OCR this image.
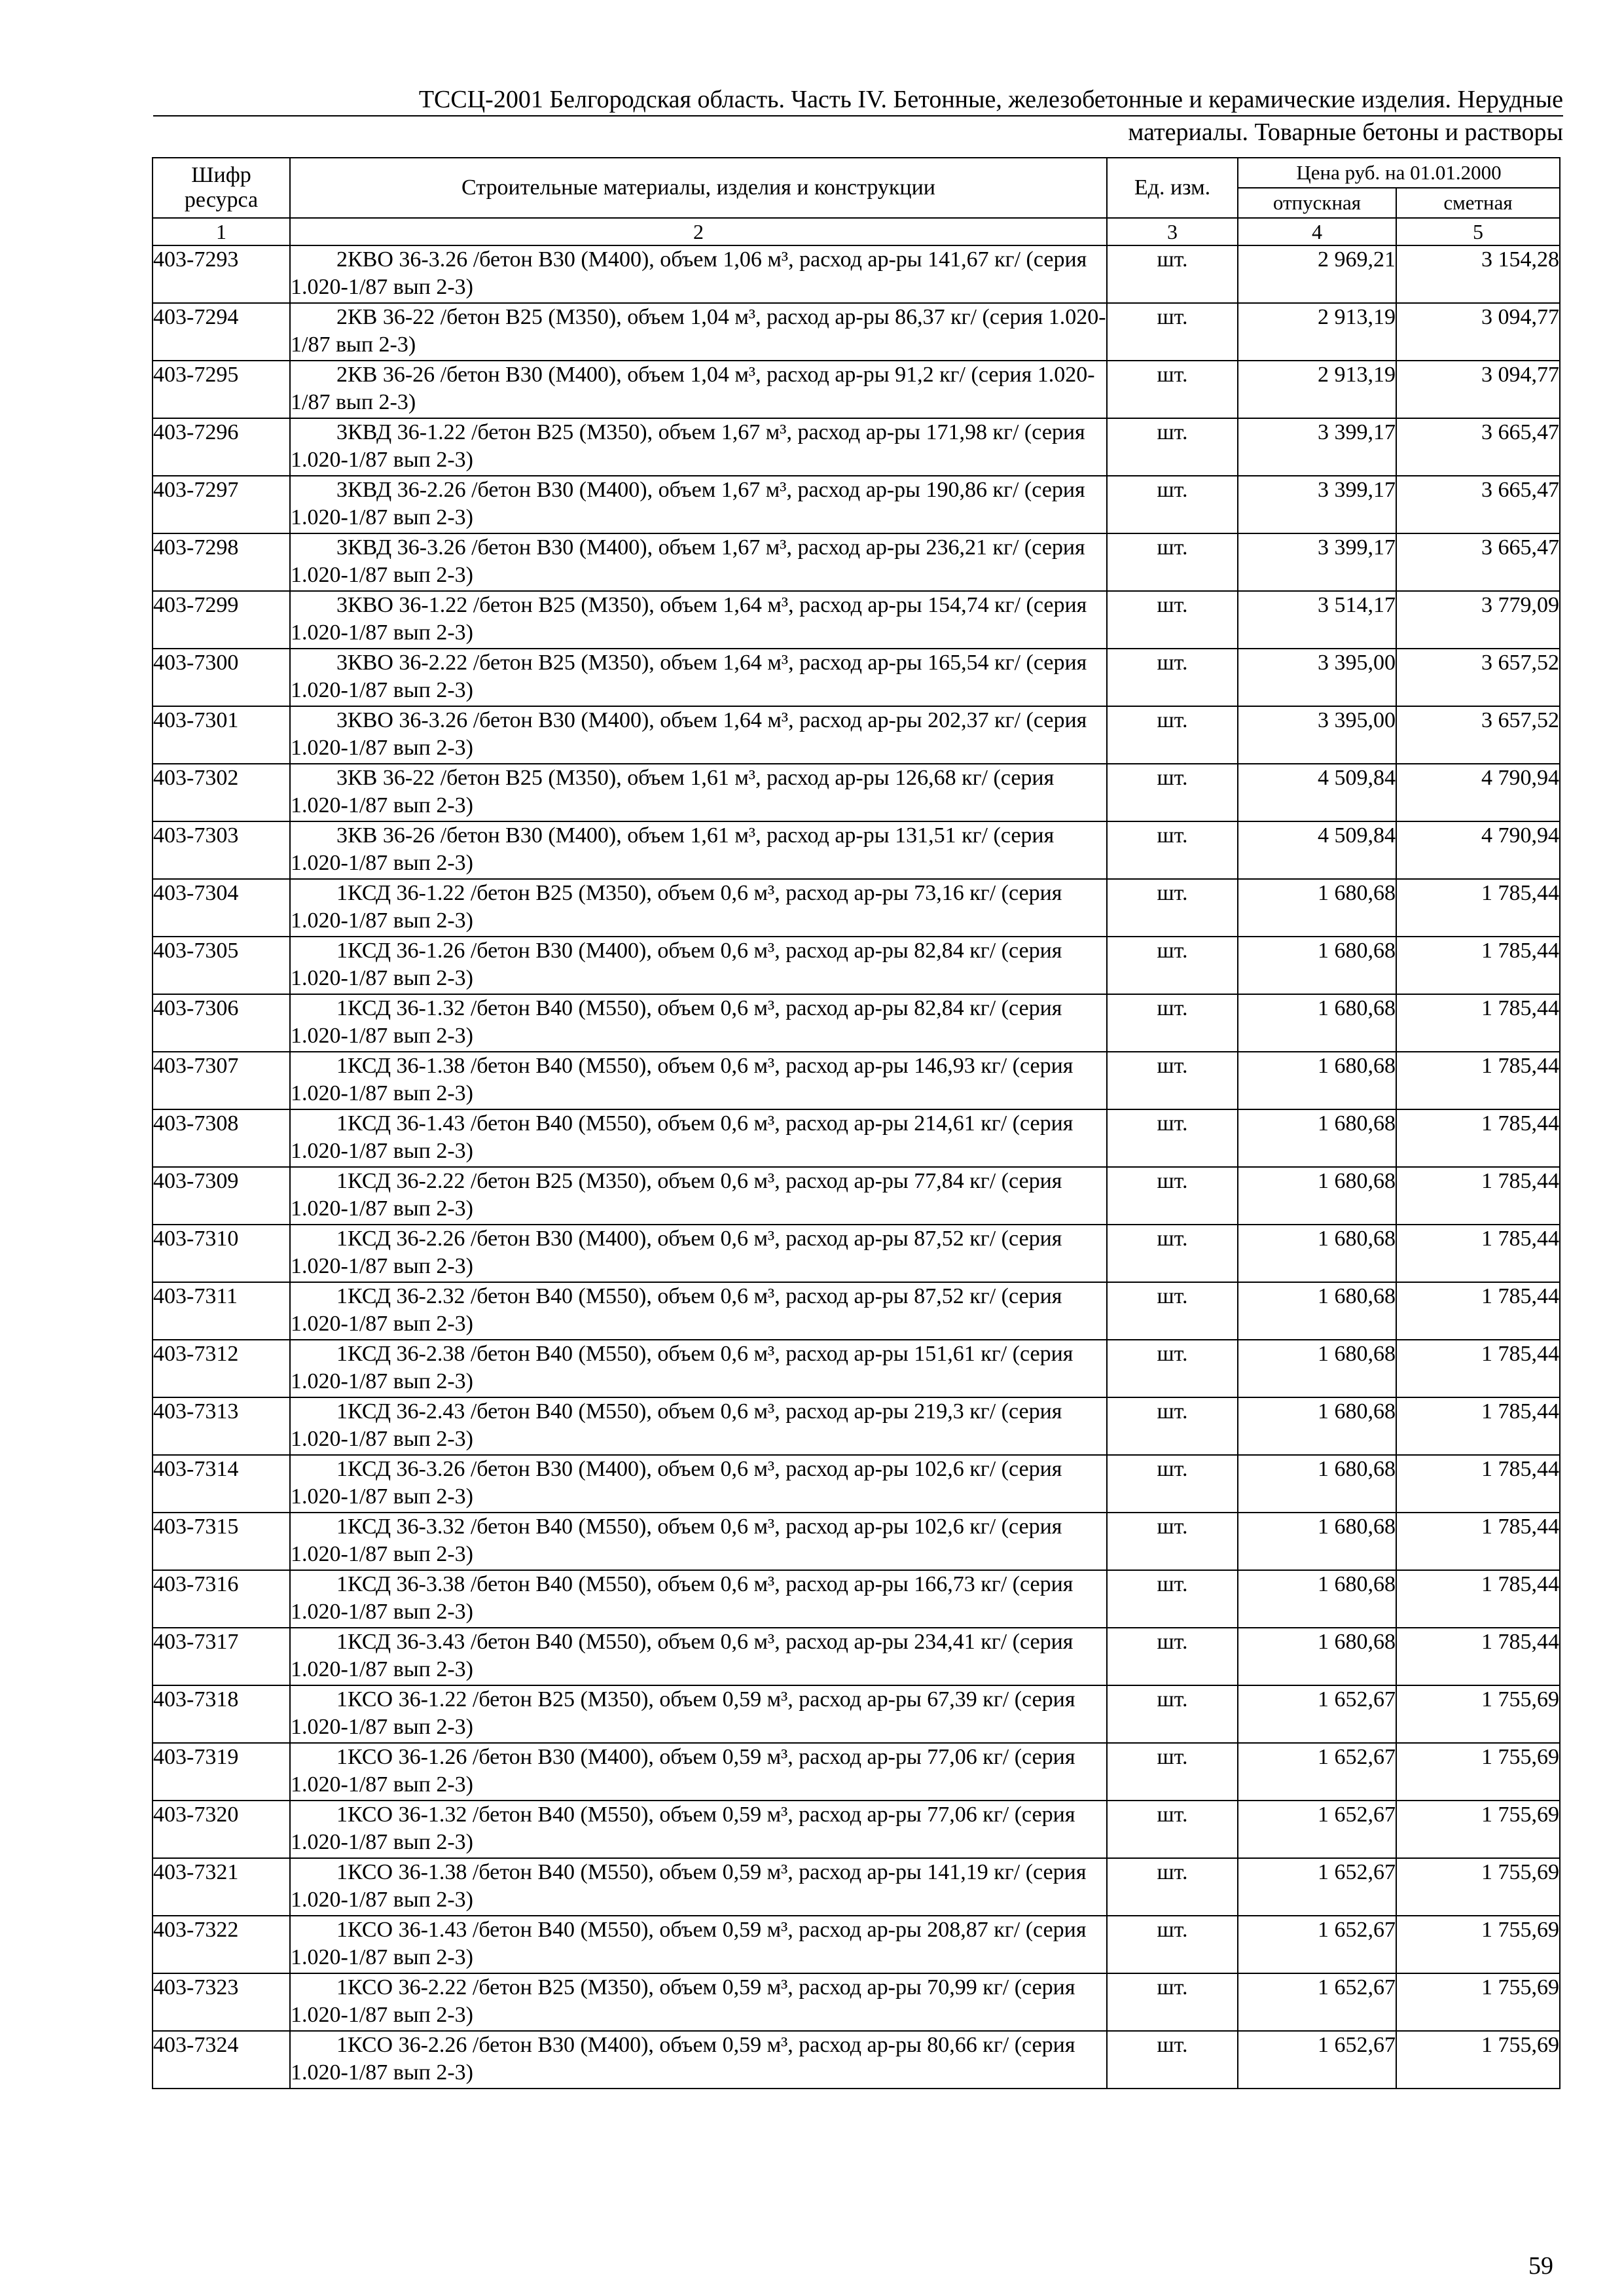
ТССЦ-2001 Белгородская область. Часть IV. Бетонные, железобетонные и керамические изделия. Нерудные
материалы. Товарные бетоны и растворы
Шифр ресурса	Строительные материалы, изделия и конструкции	Ед. изм.	Цена руб. на 01.01.2000	
			отпускная	сметная
1	2	3	4	5
403-7293	2КВО 36-3.26 /бетон В30 (М400), объем 1,06 м³, расход ар-ры 141,67 кг/ (серия 1.020-1/87 вып 2-3)	шт.	2 969,21	3 154,28
403-7294	2КВ 36-22 /бетон В25 (М350), объем 1,04 м³, расход ар-ры 86,37 кг/ (серия 1.020-1/87 вып 2-3)	шт.	2 913,19	3 094,77
403-7295	2КВ 36-26 /бетон В30 (М400), объем 1,04 м³, расход ар-ры 91,2 кг/ (серия 1.020-1/87 вып 2-3)	шт.	2 913,19	3 094,77
403-7296	3КВД 36-1.22 /бетон В25 (М350), объем 1,67 м³, расход ар-ры 171,98 кг/ (серия 1.020-1/87 вып 2-3)	шт.	3 399,17	3 665,47
403-7297	3КВД 36-2.26 /бетон В30 (М400), объем 1,67 м³, расход ар-ры 190,86 кг/ (серия 1.020-1/87 вып 2-3)	шт.	3 399,17	3 665,47
403-7298	3КВД 36-3.26 /бетон В30 (М400), объем 1,67 м³, расход ар-ры 236,21 кг/ (серия 1.020-1/87 вып 2-3)	шт.	3 399,17	3 665,47
403-7299	3КВО 36-1.22 /бетон В25 (М350), объем 1,64 м³, расход ар-ры 154,74 кг/ (серия 1.020-1/87 вып 2-3)	шт.	3 514,17	3 779,09
403-7300	3КВО 36-2.22 /бетон В25 (М350), объем 1,64 м³, расход ар-ры 165,54 кг/ (серия 1.020-1/87 вып 2-3)	шт.	3 395,00	3 657,52
403-7301	3КВО 36-3.26 /бетон В30 (М400), объем 1,64 м³, расход ар-ры 202,37 кг/ (серия 1.020-1/87 вып 2-3)	шт.	3 395,00	3 657,52
403-7302	3КВ 36-22 /бетон В25 (М350), объем 1,61 м³, расход ар-ры 126,68 кг/ (серия 1.020-1/87 вып 2-3)	шт.	4 509,84	4 790,94
403-7303	3КВ 36-26 /бетон В30 (М400), объем 1,61 м³, расход ар-ры 131,51 кг/ (серия 1.020-1/87 вып 2-3)	шт.	4 509,84	4 790,94
403-7304	1КСД 36-1.22 /бетон В25 (М350), объем 0,6 м³, расход ар-ры 73,16 кг/ (серия 1.020-1/87 вып 2-3)	шт.	1 680,68	1 785,44
403-7305	1КСД 36-1.26 /бетон В30 (М400), объем 0,6 м³, расход ар-ры 82,84 кг/ (серия 1.020-1/87 вып 2-3)	шт.	1 680,68	1 785,44
403-7306	1КСД 36-1.32 /бетон В40 (М550), объем 0,6 м³, расход ар-ры 82,84 кг/ (серия 1.020-1/87 вып 2-3)	шт.	1 680,68	1 785,44
403-7307	1КСД 36-1.38 /бетон В40 (М550), объем 0,6 м³, расход ар-ры 146,93 кг/ (серия 1.020-1/87 вып 2-3)	шт.	1 680,68	1 785,44
403-7308	1КСД 36-1.43 /бетон В40 (М550), объем 0,6 м³, расход ар-ры 214,61 кг/ (серия 1.020-1/87 вып 2-3)	шт.	1 680,68	1 785,44
403-7309	1КСД 36-2.22 /бетон В25 (М350), объем 0,6 м³, расход ар-ры 77,84 кг/ (серия 1.020-1/87 вып 2-3)	шт.	1 680,68	1 785,44
403-7310	1КСД 36-2.26 /бетон В30 (М400), объем 0,6 м³, расход ар-ры 87,52 кг/ (серия 1.020-1/87 вып 2-3)	шт.	1 680,68	1 785,44
403-7311	1КСД 36-2.32 /бетон В40 (М550), объем 0,6 м³, расход ар-ры 87,52 кг/ (серия 1.020-1/87 вып 2-3)	шт.	1 680,68	1 785,44
403-7312	1КСД 36-2.38 /бетон В40 (М550), объем 0,6 м³, расход ар-ры 151,61 кг/ (серия 1.020-1/87 вып 2-3)	шт.	1 680,68	1 785,44
403-7313	1КСД 36-2.43 /бетон В40 (М550), объем 0,6 м³, расход ар-ры 219,3 кг/ (серия 1.020-1/87 вып 2-3)	шт.	1 680,68	1 785,44
403-7314	1КСД 36-3.26 /бетон В30 (М400), объем 0,6 м³, расход ар-ры 102,6 кг/ (серия 1.020-1/87 вып 2-3)	шт.	1 680,68	1 785,44
403-7315	1КСД 36-3.32 /бетон В40 (М550), объем 0,6 м³, расход ар-ры 102,6 кг/ (серия 1.020-1/87 вып 2-3)	шт.	1 680,68	1 785,44
403-7316	1КСД 36-3.38 /бетон В40 (М550), объем 0,6 м³, расход ар-ры 166,73 кг/ (серия 1.020-1/87 вып 2-3)	шт.	1 680,68	1 785,44
403-7317	1КСД 36-3.43 /бетон В40 (М550), объем 0,6 м³, расход ар-ры 234,41 кг/ (серия 1.020-1/87 вып 2-3)	шт.	1 680,68	1 785,44
403-7318	1КСО 36-1.22 /бетон В25 (М350), объем 0,59 м³, расход ар-ры 67,39 кг/ (серия 1.020-1/87 вып 2-3)	шт.	1 652,67	1 755,69
403-7319	1КСО 36-1.26 /бетон В30 (М400), объем 0,59 м³, расход ар-ры 77,06 кг/ (серия 1.020-1/87 вып 2-3)	шт.	1 652,67	1 755,69
403-7320	1КСО 36-1.32 /бетон В40 (М550), объем 0,59 м³, расход ар-ры 77,06 кг/ (серия 1.020-1/87 вып 2-3)	шт.	1 652,67	1 755,69
403-7321	1КСО 36-1.38 /бетон В40 (М550), объем 0,59 м³, расход ар-ры 141,19 кг/ (серия 1.020-1/87 вып 2-3)	шт.	1 652,67	1 755,69
403-7322	1КСО 36-1.43 /бетон В40 (М550), объем 0,59 м³, расход ар-ры 208,87 кг/ (серия 1.020-1/87 вып 2-3)	шт.	1 652,67	1 755,69
403-7323	1КСО 36-2.22 /бетон В25 (М350), объем 0,59 м³, расход ар-ры 70,99 кг/ (серия 1.020-1/87 вып 2-3)	шт.	1 652,67	1 755,69
403-7324	1КСО 36-2.26 /бетон В30 (М400), объем 0,59 м³, расход ар-ры 80,66 кг/ (серия 1.020-1/87 вып 2-3)	шт.	1 652,67	1 755,69
59
